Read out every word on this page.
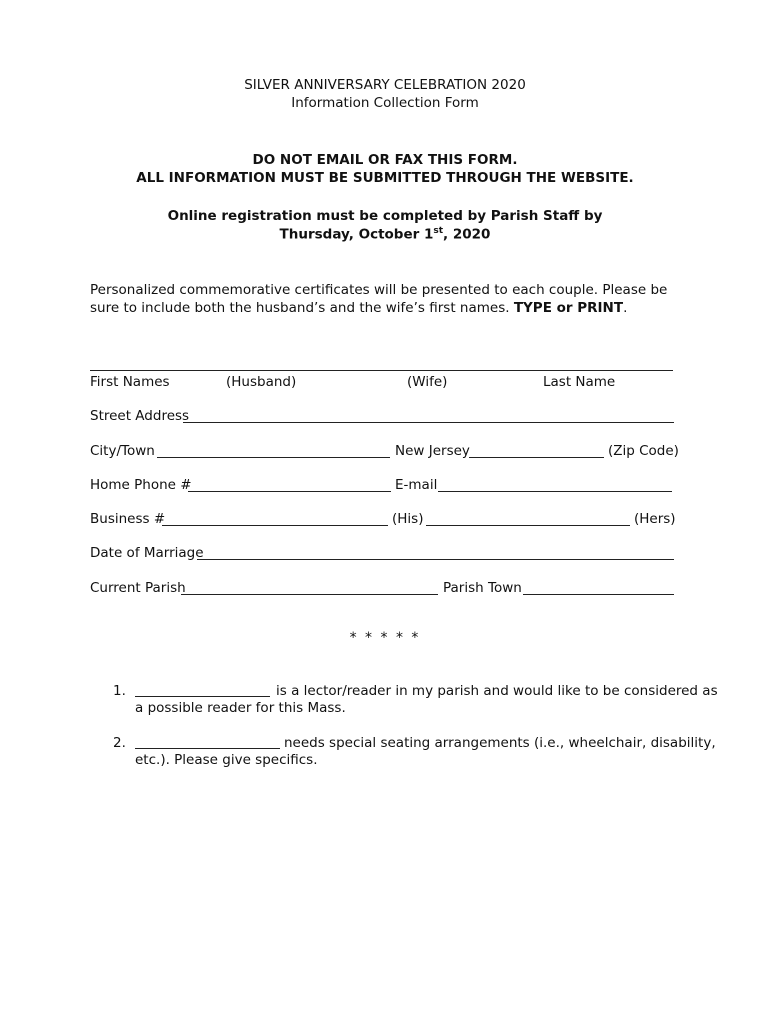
SILVER ANNIVERSARY CELEBRATION 2020
Information Collection Form
DO NOT EMAIL OR FAX THIS FORM.
ALL INFORMATION MUST BE SUBMITTED THROUGH THE WEBSITE.
Online registration must be completed by Parish Staff by
Thursday, October 1st, 2020
Personalized commemorative certificates will be presented to each couple. Please be
sure to include both the husband’s and the wife’s first names. TYPE or PRINT.
First Names	(Husband)	(Wife)	Last Name
Street Address
City/Town	New Jersey	(Zip Code)
Home Phone #	E-mail
Business #	(His)	(Hers)
Date of Marriage
Current Parish	Parish Town
* * * * *
1.	is a lector/reader in my parish and would like to be considered as
a possible reader for this Mass.
2.	needs special seating arrangements (i.e., wheelchair, disability,
etc.). Please give specifics.
